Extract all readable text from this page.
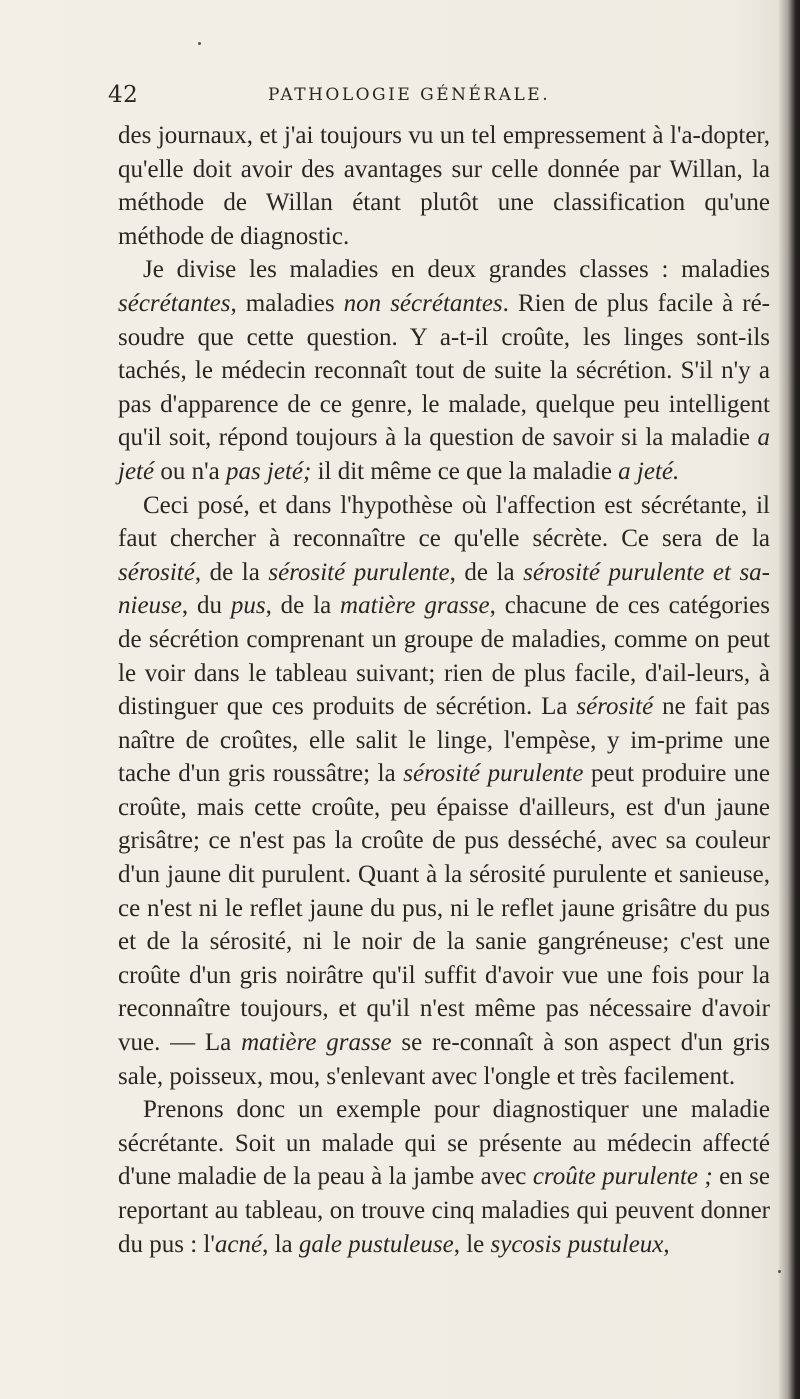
42	PATHOLOGIE GÉNÉRALE.

des journaux, et j'ai toujours vu un tel empressement à l'a-dopter, qu'elle doit avoir des avantages sur celle donnée par Willan, la méthode de Willan étant plutôt une classification qu'une méthode de diagnostic.

Je divise les maladies en deux grandes classes : maladies sécrétantes, maladies non sécrétantes. Rien de plus facile à ré-soudre que cette question. Y a-t-il croûte, les linges sont-ils tachés, le médecin reconnaît tout de suite la sécrétion. S'il n'y a pas d'apparence de ce genre, le malade, quelque peu intelligent qu'il soit, répond toujours à la question de savoir si la maladie a jeté ou n'a pas jeté; il dit même ce que la maladie a jeté.

Ceci posé, et dans l'hypothèse où l'affection est sécrétante, il faut chercher à reconnaître ce qu'elle sécrète. Ce sera de la sérosité, de la sérosité purulente, de la sérosité purulente et sa-nieuse, du pus, de la matière grasse, chacune de ces catégories de sécrétion comprenant un groupe de maladies, comme on peut le voir dans le tableau suivant; rien de plus facile, d'ail-leurs, à distinguer que ces produits de sécrétion. La sérosité ne fait pas naître de croûtes, elle salit le linge, l'empèse, y im-prime une tache d'un gris roussâtre; la sérosité purulente peut produire une croûte, mais cette croûte, peu épaisse d'ailleurs, est d'un jaune grisâtre; ce n'est pas la croûte de pus desséché, avec sa couleur d'un jaune dit purulent. Quant à la sérosité purulente et sanieuse, ce n'est ni le reflet jaune du pus, ni le reflet jaune grisâtre du pus et de la sérosité, ni le noir de la sanie gangréneuse; c'est une croûte d'un gris noirâtre qu'il suffit d'avoir vue une fois pour la reconnaître toujours, et qu'il n'est même pas nécessaire d'avoir vue. — La matière grasse se re-connaît à son aspect d'un gris sale, poisseux, mou, s'enlevant avec l'ongle et très facilement.

Prenons donc un exemple pour diagnostiquer une maladie sécrétante. Soit un malade qui se présente au médecin affecté d'une maladie de la peau à la jambe avec croûte purulente ; en se reportant au tableau, on trouve cinq maladies qui peuvent donner du pus : l'acné, la gale pustuleuse, le sycosis pustuleux,
